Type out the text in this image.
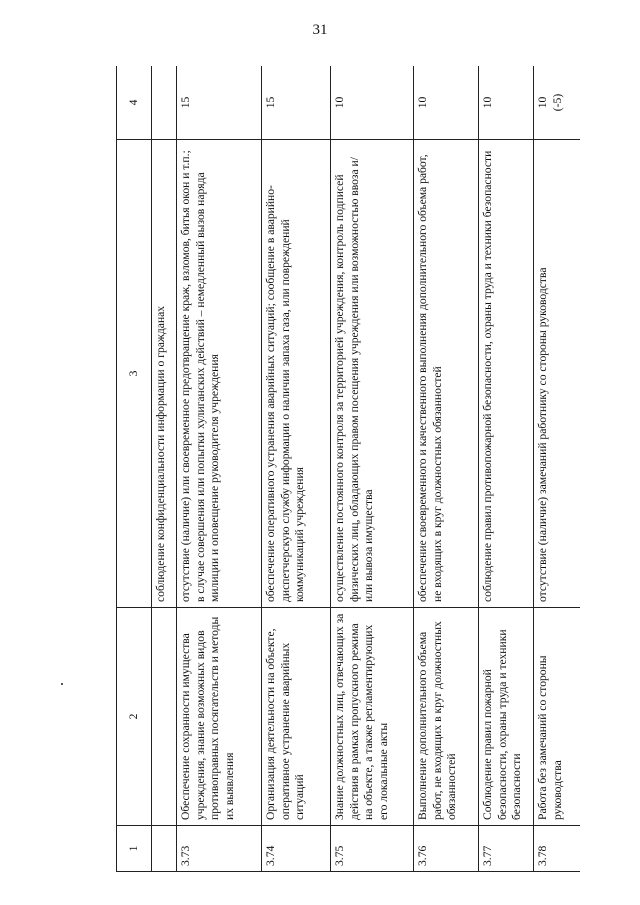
31
1	2	3	4

		соблюдение конфиденциальности информации о гражданах	

3.73	Обеспечение сохранности имущества учреждения, знание возможных видов противоправных посягательств и методы их выявления	отсутствие (наличие) или своевременное предотвращение краж, взломов, битья окон и т.п.; в случае совершения или попытки хулиганских действий – немедленный вызов наряда милиции и оповещение руководителя учреждения	15
3.74	Организация деятельности на объекте, оперативное устранение аварийных ситуаций	обеспечение оперативного устранения аварийных ситуаций; сообщение в аварийно-диспетчерскую службу информации о наличии запаха газа, или повреждений коммуникаций учреждения	15
3.75	Знание должностных лиц, отвечающих за действия в рамках пропускного режима на объекте, а также регламентирующих его локальные акты	осуществление постоянного контроля за территорией учреждения, контроль подписей физических лиц, обладающих правом посещения учреждения или возможностью ввоза и/или вывоза имущества	10
3.76	Выполнение дополнительного объема работ, не входящих в круг должностных обязанностей	обеспечение своевременного и качественного выполнения дополнительного объема работ, не входящих в круг должностных обязанностей	10
3.77	Соблюдение правил пожарной безопасности, охраны труда и техники безопасности	соблюдение правил противопожарной безопасности, охраны труда и техники безопасности	10
3.78	Работа без замечаний со стороны руководства	отсутствие (наличие) замечаний работнику со стороны руководства	10
(-5)
